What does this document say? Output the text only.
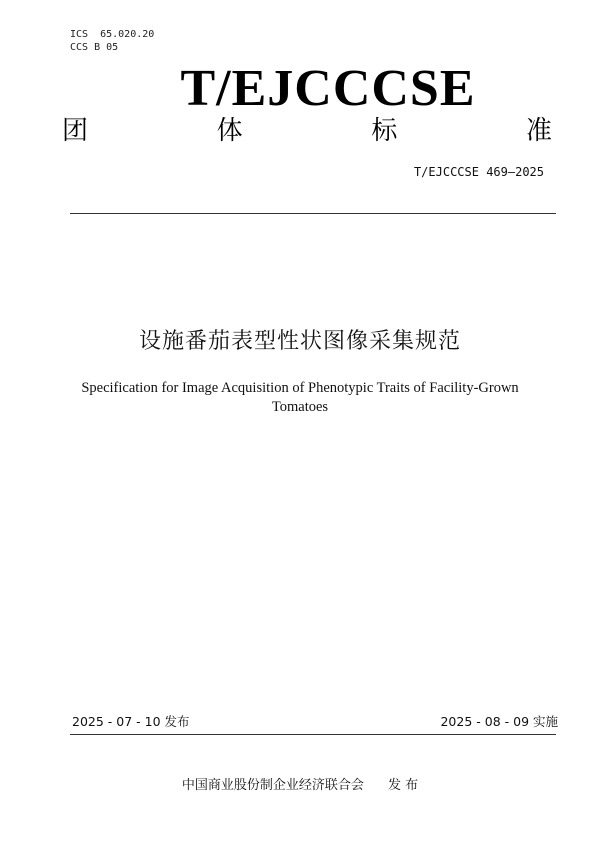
ICS  65.020.20
CCS B 05
T/EJCCCSE
团	体	标	准
T/EJCCCSE 469—2025
设施番茄表型性状图像采集规范
Specification for Image Acquisition of Phenotypic Traits of Facility-Grown Tomatoes
2025 - 07 - 10 发布	2025 - 08 - 09 实施
中国商业股份制企业经济联合会 发 布
